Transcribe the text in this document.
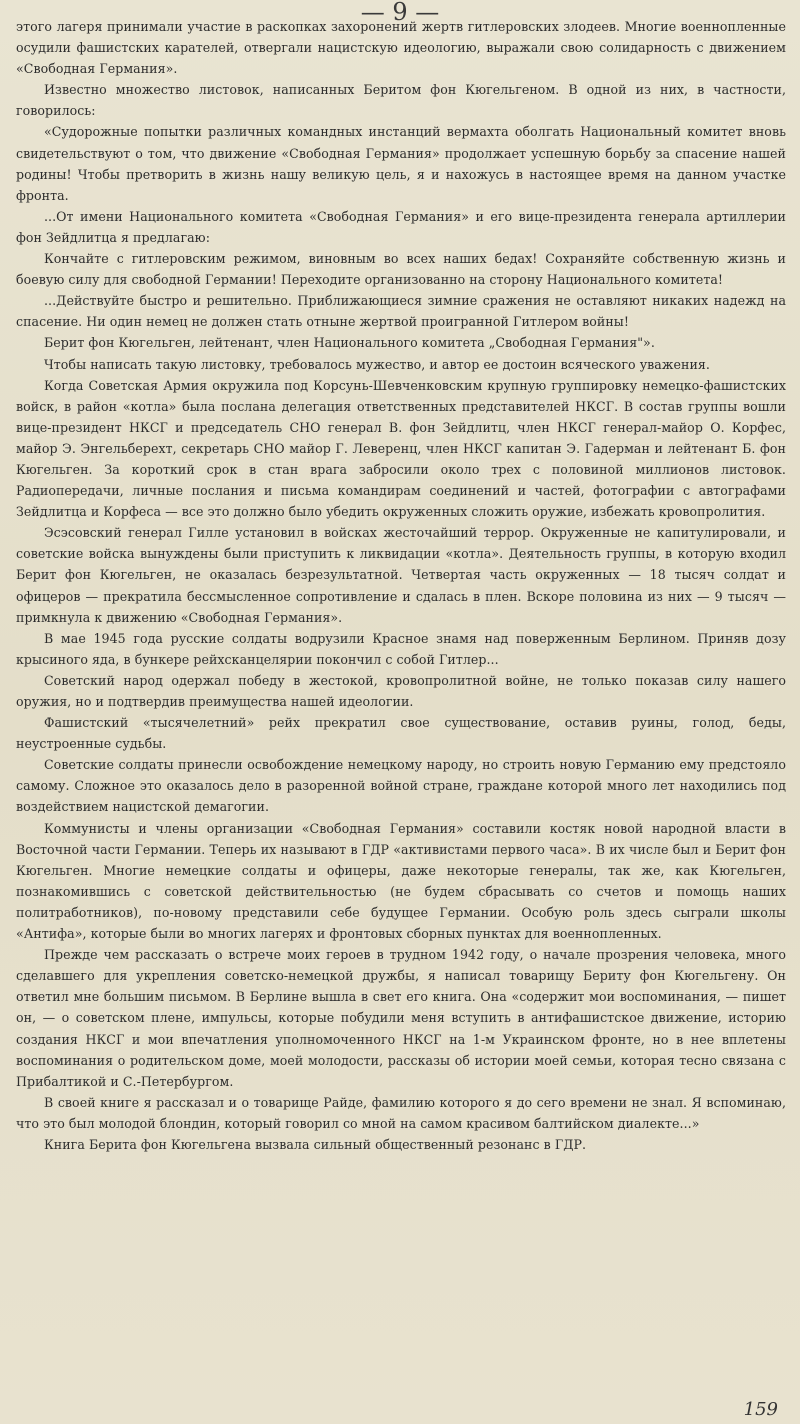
— 9 —

этого лагеря принимали участие в раскопках захоронений жертв гитлеровских злодеев. Многие военнопленные осудили фашистских карателей, отвергали нацистскую идеологию, выражали свою солидарность с движением «Свободная Германия».

Известно множество листовок, написанных Беритом фон Кюгельгеном. В одной из них, в частности, говорилось:

«Судорожные попытки различных командных инстанций вермахта оболгать Национальный комитет вновь свидетельствуют о том, что движение «Свободная Германия» продолжает успешную борьбу за спасение нашей родины! Чтобы претворить в жизнь нашу великую цель, я и нахожусь в настоящее время на данном участке фронта.

...От имени Национального комитета «Свободная Германия» и его вице-президента генерала артиллерии фон Зейдлитца я предлагаю:

Кончайте с гитлеровским режимом, виновным во всех наших бедах! Сохраняйте собственную жизнь и боевую силу для свободной Германии! Переходите организованно на сторону Национального комитета!

...Действуйте быстро и решительно. Приближающиеся зимние сражения не оставляют никаких надежд на спасение. Ни один немец не должен стать отныне жертвой проигранной Гитлером войны!

Берит фон Кюгельген, лейтенант, член Национального комитета „Свободная Германия"».

Чтобы написать такую листовку, требовалось мужество, и автор ее достоин всяческого уважения.

Когда Советская Армия окружила под Корсунь-Шевченковским крупную группировку немецко-фашистских войск, в район «котла» была послана делегация ответственных представителей НКСГ. В состав группы вошли вице-президент НКСГ и председатель СНО генерал В. фон Зейдлитц, член НКСГ генерал-майор О. Корфес, майор Э. Энгельберехт, секретарь СНО майор Г. Леверенц, член НКСГ капитан Э. Гадерман и лейтенант Б. фон Кюгельген. За короткий срок в стан врага забросили около трех с половиной миллионов листовок. Радиопередачи, личные послания и письма командирам соединений и частей, фотографии с автографами Зейдлитца и Корфеса — все это должно было убедить окруженных сложить оружие, избежать кровопролития.

Эсэсовский генерал Гилле установил в войсках жесточайший террор. Окруженные не капитулировали, и советские войска вынуждены были приступить к ликвидации «котла». Деятельность группы, в которую входил Берит фон Кюгельген, не оказалась безрезультатной. Четвертая часть окруженных — 18 тысяч солдат и офицеров — прекратила бессмысленное сопротивление и сдалась в плен. Вскоре половина из них — 9 тысяч — примкнула к движению «Свободная Германия».

В мае 1945 года русские солдаты водрузили Красное знамя над поверженным Берлином. Приняв дозу крысиного яда, в бункере рейхсканцелярии покончил с собой Гитлер...

Советский народ одержал победу в жестокой, кровопролитной войне, не только показав силу нашего оружия, но и подтвердив преимущества нашей идеологии.

Фашистский «тысячелетний» рейх прекратил свое существование, оставив руины, голод, беды, неустроенные судьбы.

Советские солдаты принесли освобождение немецкому народу, но строить новую Германию ему предстояло самому. Сложное это оказалось дело в разоренной войной стране, граждане которой много лет находились под воздействием нацистской демагогии.

Коммунисты и члены организации «Свободная Германия» составили костяк новой народной власти в Восточной части Германии. Теперь их называют в ГДР «активистами первого часа». В их числе был и Берит фон Кюгельген. Многие немецкие солдаты и офицеры, даже некоторые генералы, так же, как Кюгельген, познакомившись с советской действительностью (не будем сбрасывать со счетов и помощь наших политработников), по-новому представили себе будущее Германии. Особую роль здесь сыграли школы «Антифа», которые были во многих лагерях и фронтовых сборных пунктах для военнопленных.

Прежде чем рассказать о встрече моих героев в трудном 1942 году, о начале прозрения человека, много сделавшего для укрепления советско-немецкой дружбы, я написал товарищу Бериту фон Кюгельгену. Он ответил мне большим письмом. В Берлине вышла в свет его книга. Она «содержит мои воспоминания, — пишет он, — о советском плене, импульсы, которые побудили меня вступить в антифашистское движение, историю создания НКСГ и мои впечатления уполномоченного НКСГ на 1-м Украинском фронте, но в нее вплетены воспоминания о родительском доме, моей молодости, рассказы об истории моей семьи, которая тесно связана с Прибалтикой и С.-Петербургом.

В своей книге я рассказал и о товарище Райде, фамилию которого я до сего времени не знал. Я вспоминаю, что это был молодой блондин, который говорил со мной на самом красивом балтийском диалекте...»

Книга Берита фон Кюгельгена вызвала сильный общественный резонанс в ГДР.

159
